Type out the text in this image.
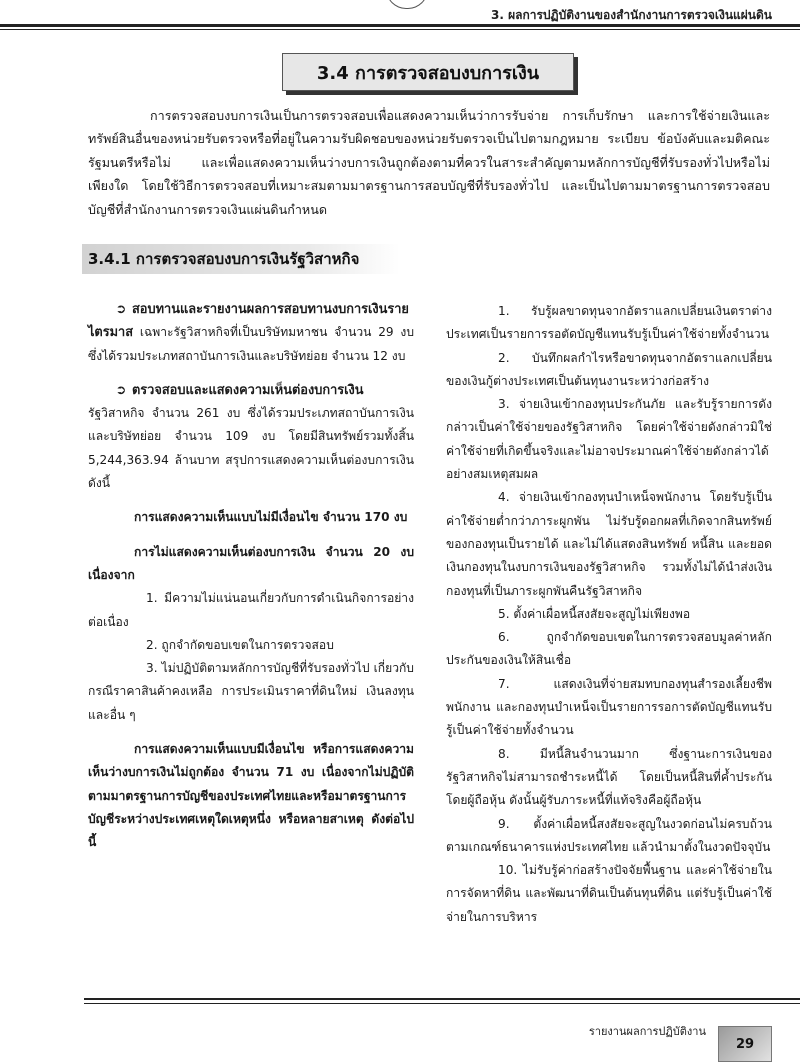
3. ผลการปฏิบัติงานของสำนักงานการตรวจเงินแผ่นดิน
3.4 การตรวจสอบงบการเงิน
การตรวจสอบงบการเงินเป็นการตรวจสอบเพื่อแสดงความเห็นว่าการรับจ่าย การเก็บรักษา และการใช้จ่ายเงินและทรัพย์สินอื่นของหน่วยรับตรวจหรือที่อยู่ในความรับผิดชอบของหน่วยรับตรวจเป็นไปตามกฎหมาย ระเบียบ ข้อบังคับและมติคณะรัฐมนตรีหรือไม่ และเพื่อแสดงความเห็นว่างบการเงินถูกต้องตามที่ควรในสาระสำคัญตามหลักการบัญชีที่รับรองทั่วไปหรือไม่ เพียงใด โดยใช้วิธีการตรวจสอบที่เหมาะสมตามมาตรฐานการสอบบัญชีที่รับรองทั่วไป และเป็นไปตามมาตรฐานการตรวจสอบบัญชีที่สำนักงานการตรวจเงินแผ่นดินกำหนด
3.4.1 การตรวจสอบงบการเงินรัฐวิสาหกิจ

➲ สอบทานและรายงานผลการสอบทานงบการเงินรายไตรมาส เฉพาะรัฐวิสาหกิจที่เป็นบริษัทมหาชน จำนวน 29 งบ ซึ่งได้รวมประเภทสถาบันการเงินและบริษัทย่อย จำนวน 12 งบ

➲ ตรวจสอบและแสดงความเห็นต่องบการเงิน
รัฐวิสาหกิจ จำนวน 261 งบ ซึ่งได้รวมประเภทสถาบันการเงินและบริษัทย่อย จำนวน 109 งบ โดยมีสินทรัพย์รวมทั้งสิ้น 5,244,363.94 ล้านบาท สรุปการแสดงความเห็นต่องบการเงินดังนี้

การแสดงความเห็นแบบไม่มีเงื่อนไข จำนวน 170 งบ

การไม่แสดงความเห็นต่องบการเงิน จำนวน 20 งบ เนื่องจาก

1. มีความไม่แน่นอนเกี่ยวกับการดำเนินกิจการอย่างต่อเนื่อง

2. ถูกจำกัดขอบเขตในการตรวจสอบ

3. ไม่ปฏิบัติตามหลักการบัญชีที่รับรองทั่วไป เกี่ยวกับกรณีราคาสินค้าคงเหลือ การประเมินราคาที่ดินใหม่ เงินลงทุน และอื่น ๆ

การแสดงความเห็นแบบมีเงื่อนไข หรือการแสดงความเห็นว่างบการเงินไม่ถูกต้อง จำนวน 71 งบ เนื่องจากไม่ปฏิบัติตามมาตรฐานการบัญชีของประเทศไทยและหรือมาตรฐานการบัญชีระหว่างประเทศเหตุใดเหตุหนึ่ง หรือหลายสาเหตุ ดังต่อไปนี้

1. รับรู้ผลขาดทุนจากอัตราแลกเปลี่ยนเงินตราต่างประเทศเป็นรายการรอตัดบัญชีแทนรับรู้เป็นค่าใช้จ่ายทั้งจำนวน

2. บันทึกผลกำไรหรือขาดทุนจากอัตราแลกเปลี่ยนของเงินกู้ต่างประเทศเป็นต้นทุนงานระหว่างก่อสร้าง

3. จ่ายเงินเข้ากองทุนประกันภัย และรับรู้รายการดังกล่าวเป็นค่าใช้จ่ายของรัฐวิสาหกิจ โดยค่าใช้จ่ายดังกล่าวมิใช่ค่าใช้จ่ายที่เกิดขึ้นจริงและไม่อาจประมาณค่าใช้จ่ายดังกล่าวได้อย่างสมเหตุสมผล

4. จ่ายเงินเข้ากองทุนบำเหน็จพนักงาน โดยรับรู้เป็นค่าใช้จ่ายต่ำกว่าภาระผูกพัน ไม่รับรู้ดอกผลที่เกิดจากสินทรัพย์ของกองทุนเป็นรายได้ และไม่ได้แสดงสินทรัพย์ หนี้สิน และยอดเงินกองทุนในงบการเงินของรัฐวิสาหกิจ รวมทั้งไม่ได้นำส่งเงินกองทุนที่เป็นภาระผูกพันคืนรัฐวิสาหกิจ

5. ตั้งค่าเผื่อหนี้สงสัยจะสูญไม่เพียงพอ

6. ถูกจำกัดขอบเขตในการตรวจสอบมูลค่าหลักประกันของเงินให้สินเชื่อ

7. แสดงเงินที่จ่ายสมทบกองทุนสำรองเลี้ยงชีพพนักงาน และกองทุนบำเหน็จเป็นรายการรอการตัดบัญชีแทนรับรู้เป็นค่าใช้จ่ายทั้งจำนวน

8. มีหนี้สินจำนวนมาก ซึ่งฐานะการเงินของรัฐวิสาหกิจไม่สามารถชำระหนี้ได้ โดยเป็นหนี้สินที่ค้ำประกันโดยผู้ถือหุ้น ดังนั้นผู้รับภาระหนี้ที่แท้จริงคือผู้ถือหุ้น

9. ตั้งค่าเผื่อหนี้สงสัยจะสูญในงวดก่อนไม่ครบถ้วนตามเกณฑ์ธนาคารแห่งประเทศไทย แล้วนำมาตั้งในงวดปัจจุบัน

10. ไม่รับรู้ค่าก่อสร้างปัจจัยพื้นฐาน และค่าใช้จ่ายในการจัดหาที่ดิน และพัฒนาที่ดินเป็นต้นทุนที่ดิน แต่รับรู้เป็นค่าใช้จ่ายในการบริหาร

รายงานผลการปฏิบัติงาน
29
